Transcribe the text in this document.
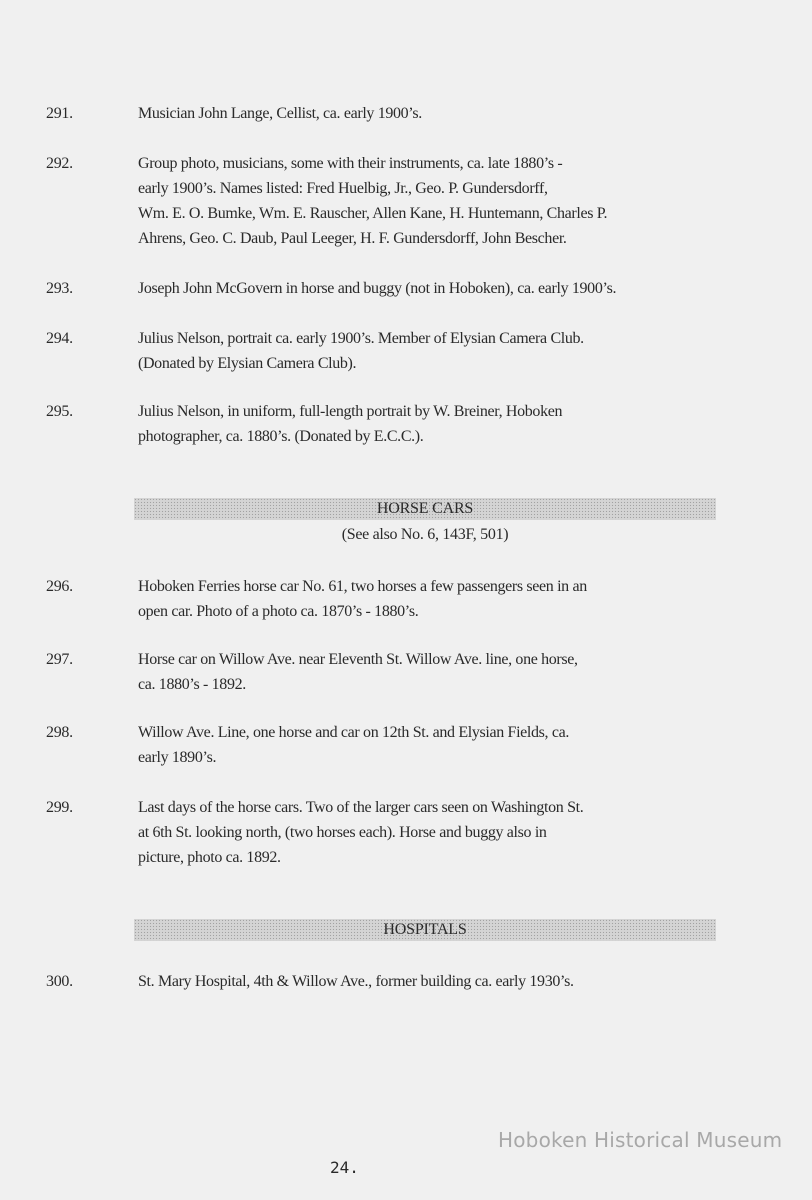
291.	Musician John Lange, Cellist, ca. early 1900’s.
292.	Group photo, musicians, some with their instruments, ca. late 1880’s -
early 1900’s. Names listed: Fred Huelbig, Jr., Geo. P. Gundersdorff,
Wm. E. O. Bumke, Wm. E. Rauscher, Allen Kane, H. Huntemann, Charles P.
Ahrens, Geo. C. Daub, Paul Leeger, H. F. Gundersdorff, John Bescher.
293.	Joseph John McGovern in horse and buggy (not in Hoboken), ca. early 1900’s.
294.	Julius Nelson, portrait ca. early 1900’s. Member of Elysian Camera Club.
(Donated by Elysian Camera Club).
295.	Julius Nelson, in uniform, full-length portrait by W. Breiner, Hoboken
photographer, ca. 1880’s. (Donated by E.C.C.).
HORSE CARS
(See also No. 6, 143F, 501)
296.	Hoboken Ferries horse car No. 61, two horses a few passengers seen in an
open car. Photo of a photo ca. 1870’s - 1880’s.
297.	Horse car on Willow Ave. near Eleventh St. Willow Ave. line, one horse,
ca. 1880’s - 1892.
298.	Willow Ave. Line, one horse and car on 12th St. and Elysian Fields, ca.
early 1890’s.
299.	Last days of the horse cars. Two of the larger cars seen on Washington St.
at 6th St. looking north, (two horses each). Horse and buggy also in
picture, photo ca. 1892.
HOSPITALS
300.	St. Mary Hospital, 4th & Willow Ave., former building ca. early 1930’s.
Hoboken Historical Museum
24.
